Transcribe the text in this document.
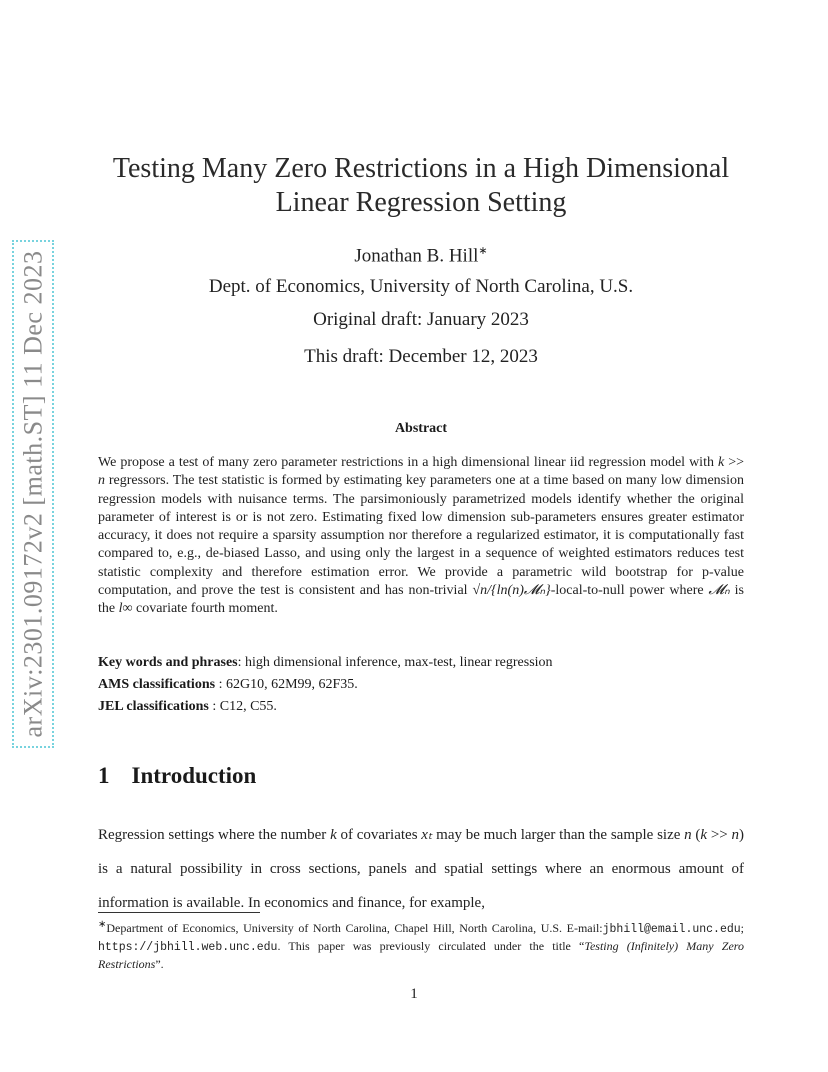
arXiv:2301.09172v2 [math.ST] 11 Dec 2023
Testing Many Zero Restrictions in a High Dimensional
Linear Regression Setting
Jonathan B. Hill∗
Dept. of Economics, University of North Carolina, U.S.
Original draft: January 2023
This draft: December 12, 2023
Abstract
We propose a test of many zero parameter restrictions in a high dimensional linear iid regression model with k >> n regressors. The test statistic is formed by estimating key parameters one at a time based on many low dimension regression models with nuisance terms. The parsimoniously parametrized models identify whether the original parameter of interest is or is not zero. Estimating fixed low dimension sub-parameters ensures greater estimator accuracy, it does not require a sparsity assumption nor therefore a regularized estimator, it is computationally fast compared to, e.g., de-biased Lasso, and using only the largest in a sequence of weighted estimators reduces test statistic complexity and therefore estimation error. We provide a parametric wild bootstrap for p-value computation, and prove the test is consistent and has non-trivial √n/{ln(n)𝓜ₙ}-local-to-null power where 𝓜ₙ is the l∞ covariate fourth moment.
Key words and phrases: high dimensional inference, max-test, linear regression
AMS classifications : 62G10, 62M99, 62F35.
JEL classifications : C12, C55.
1 Introduction
Regression settings where the number k of covariates xₜ may be much larger than the sample size n (k >> n) is a natural possibility in cross sections, panels and spatial settings where an enormous amount of information is available. In economics and finance, for example,
∗Department of Economics, University of North Carolina, Chapel Hill, North Carolina, U.S. E-mail:jbhill@email.unc.edu; https://jbhill.web.unc.edu. This paper was previously circulated under the title “Testing (Infinitely) Many Zero Restrictions”.
1
